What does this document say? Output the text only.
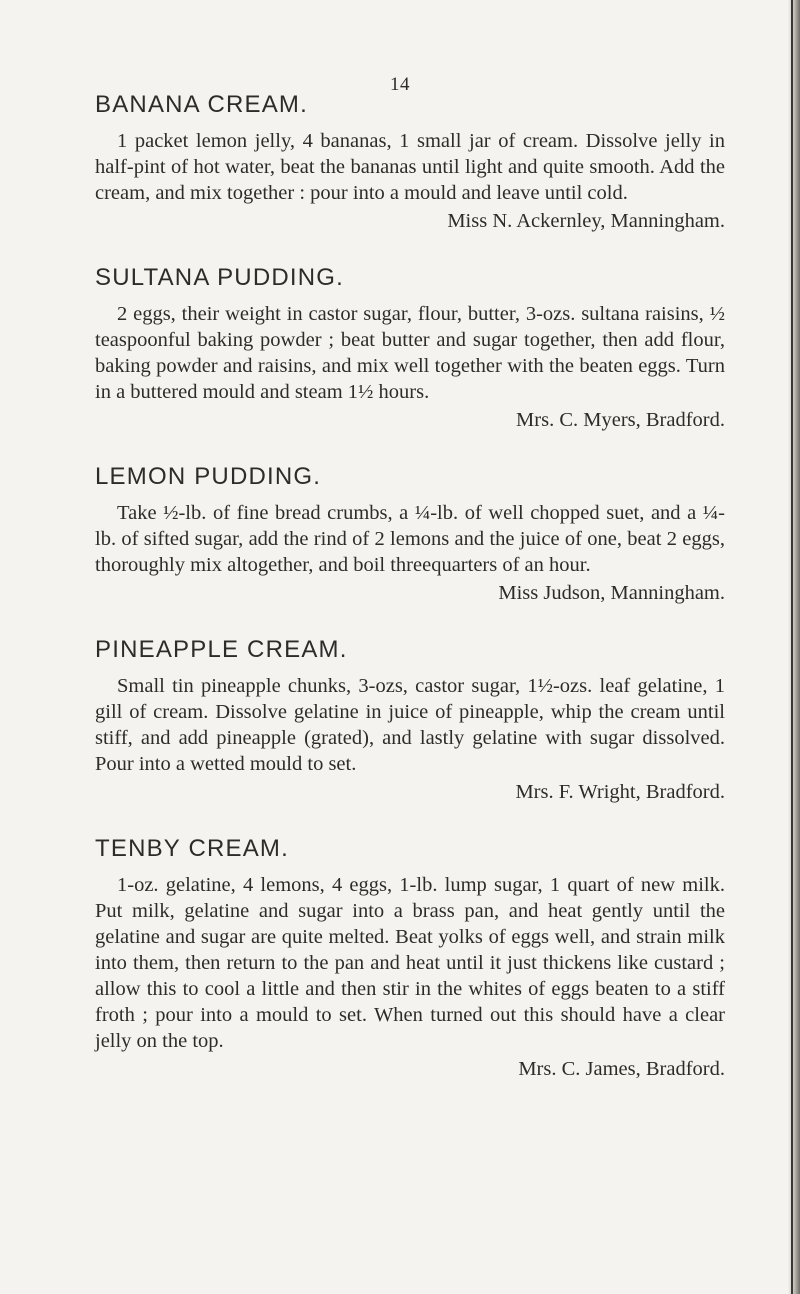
14
BANANA CREAM.

1 packet lemon jelly, 4 bananas, 1 small jar of cream. Dissolve jelly in half-pint of hot water, beat the bananas until light and quite smooth. Add the cream, and mix together : pour into a mould and leave until cold.

Miss N. Ackernley, Manningham.

SULTANA PUDDING.

2 eggs, their weight in castor sugar, flour, butter, 3-ozs. sultana raisins, ½ teaspoonful baking powder ; beat butter and sugar together, then add flour, baking powder and raisins, and mix well together with the beaten eggs. Turn in a buttered mould and steam 1½ hours.

Mrs. C. Myers, Bradford.

LEMON PUDDING.

Take ½-lb. of fine bread crumbs, a ¼-lb. of well chopped suet, and a ¼-lb. of sifted sugar, add the rind of 2 lemons and the juice of one, beat 2 eggs, thoroughly mix altogether, and boil threequarters of an hour.

Miss Judson, Manningham.

PINEAPPLE CREAM.

Small tin pineapple chunks, 3-ozs, castor sugar, 1½-ozs. leaf gelatine, 1 gill of cream. Dissolve gelatine in juice of pineapple, whip the cream until stiff, and add pineapple (grated), and lastly gelatine with sugar dissolved. Pour into a wetted mould to set.

Mrs. F. Wright, Bradford.

TENBY CREAM.

1-oz. gelatine, 4 lemons, 4 eggs, 1-lb. lump sugar, 1 quart of new milk. Put milk, gelatine and sugar into a brass pan, and heat gently until the gelatine and sugar are quite melted. Beat yolks of eggs well, and strain milk into them, then return to the pan and heat until it just thickens like custard ; allow this to cool a little and then stir in the whites of eggs beaten to a stiff froth ; pour into a mould to set. When turned out this should have a clear jelly on the top.

Mrs. C. James, Bradford.
